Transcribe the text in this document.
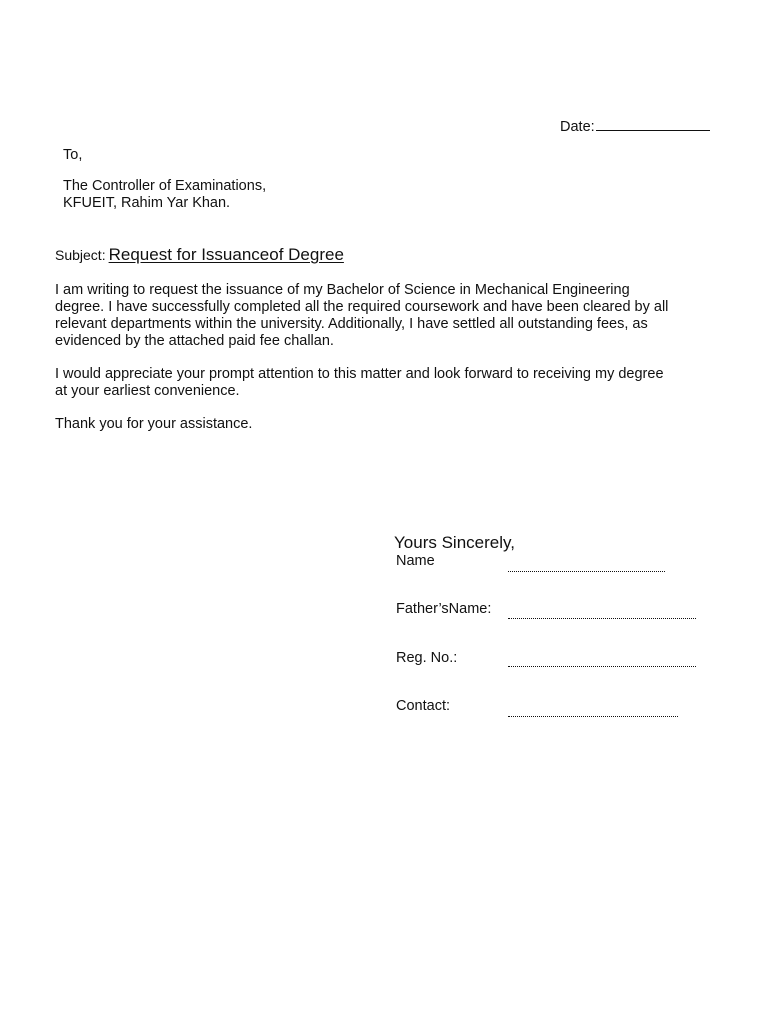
Date:
To,
The Controller of Examinations,
KFUEIT, Rahim Yar Khan.
Subject: Request for Issuanceof Degree
I am writing to request the issuance of my Bachelor of Science in Mechanical Engineering
degree. I have successfully completed all the required coursework and have been cleared by all
relevant departments within the university. Additionally, I have settled all outstanding fees, as
evidenced by the attached paid fee challan.
I would appreciate your prompt attention to this matter and look forward to receiving my degree
at your earliest convenience.
Thank you for your assistance.
Yours Sincerely,
Name
Father’sName:
Reg. No.:
Contact:
